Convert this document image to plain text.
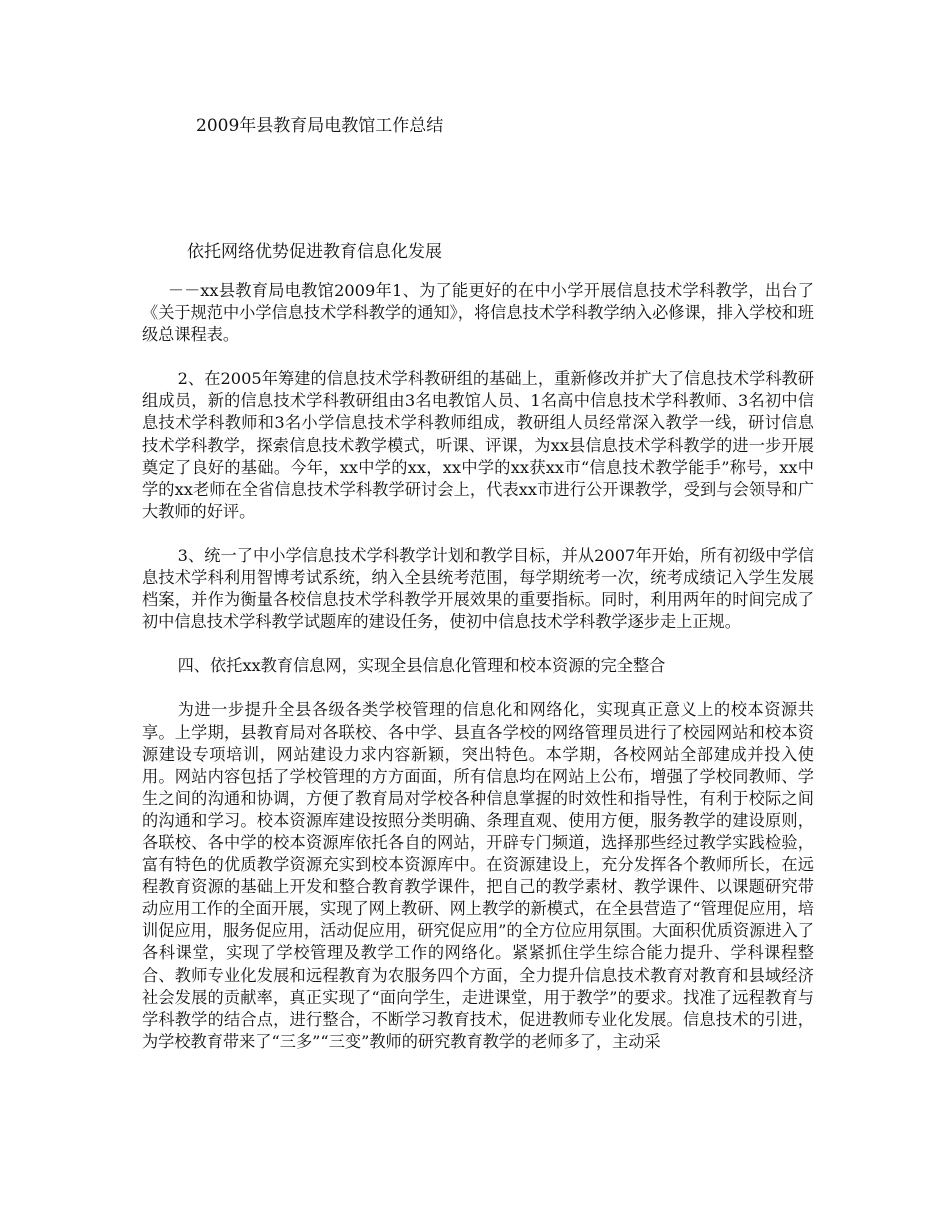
2009年县教育局电教馆工作总结
依托网络优势促进教育信息化发展

－－xx县教育局电教馆2009年1、为了能更好的在中小学开展信息技术学科教学，出台了《关于规范中小学信息技术学科教学的通知》，将信息技术学科教学纳入必修课，排入学校和班级总课程表。

2、在2005年筹建的信息技术学科教研组的基础上，重新修改并扩大了信息技术学科教研组成员，新的信息技术学科教研组由3名电教馆人员、1名高中信息技术学科教师、3名初中信息技术学科教师和3名小学信息技术学科教师组成，教研组人员经常深入教学一线，研讨信息技术学科教学，探索信息技术教学模式，听课、评课，为xx县信息技术学科教学的进一步开展奠定了良好的基础。今年，xx中学的xx，xx中学的xx获xx市“信息技术教学能手”称号，xx中学的xx老师在全省信息技术学科教学研讨会上，代表xx市进行公开课教学，受到与会领导和广大教师的好评。

3、统一了中小学信息技术学科教学计划和教学目标，并从2007年开始，所有初级中学信息技术学科利用智博考试系统，纳入全县统考范围，每学期统考一次，统考成绩记入学生发展档案，并作为衡量各校信息技术学科教学开展效果的重要指标。同时，利用两年的时间完成了初中信息技术学科教学试题库的建设任务，使初中信息技术学科教学逐步走上正规。

四、依托xx教育信息网，实现全县信息化管理和校本资源的完全整合

为进一步提升全县各级各类学校管理的信息化和网络化，实现真正意义上的校本资源共享。上学期，县教育局对各联校、各中学、县直各学校的网络管理员进行了校园网站和校本资源建设专项培训，网站建设力求内容新颖，突出特色。本学期，各校网站全部建成并投入使用。网站内容包括了学校管理的方方面面，所有信息均在网站上公布，增强了学校同教师、学生之间的沟通和协调，方便了教育局对学校各种信息掌握的时效性和指导性，有利于校际之间的沟通和学习。校本资源库建设按照分类明确、条理直观、使用方便，服务教学的建设原则，各联校、各中学的校本资源库依托各自的网站，开辟专门频道，选择那些经过教学实践检验，富有特色的优质教学资源充实到校本资源库中。在资源建设上，充分发挥各个教师所长，在远程教育资源的基础上开发和整合教育教学课件，把自己的教学素材、教学课件、以课题研究带动应用工作的全面开展，实现了网上教研、网上教学的新模式，在全县营造了“管理促应用，培训促应用，服务促应用，活动促应用，研究促应用”的全方位应用氛围。大面积优质资源进入了各科课堂，实现了学校管理及教学工作的网络化。紧紧抓住学生综合能力提升、学科课程整合、教师专业化发展和远程教育为农服务四个方面，全力提升信息技术教育对教育和县域经济社会发展的贡献率，真正实现了“面向学生，走进课堂，用于教学”的要求。找准了远程教育与学科教学的结合点，进行整合，不断学习教育技术，促进教师专业化发展。信息技术的引进，为学校教育带来了“三多”“三变”教师的研究教育教学的老师多了，主动采
